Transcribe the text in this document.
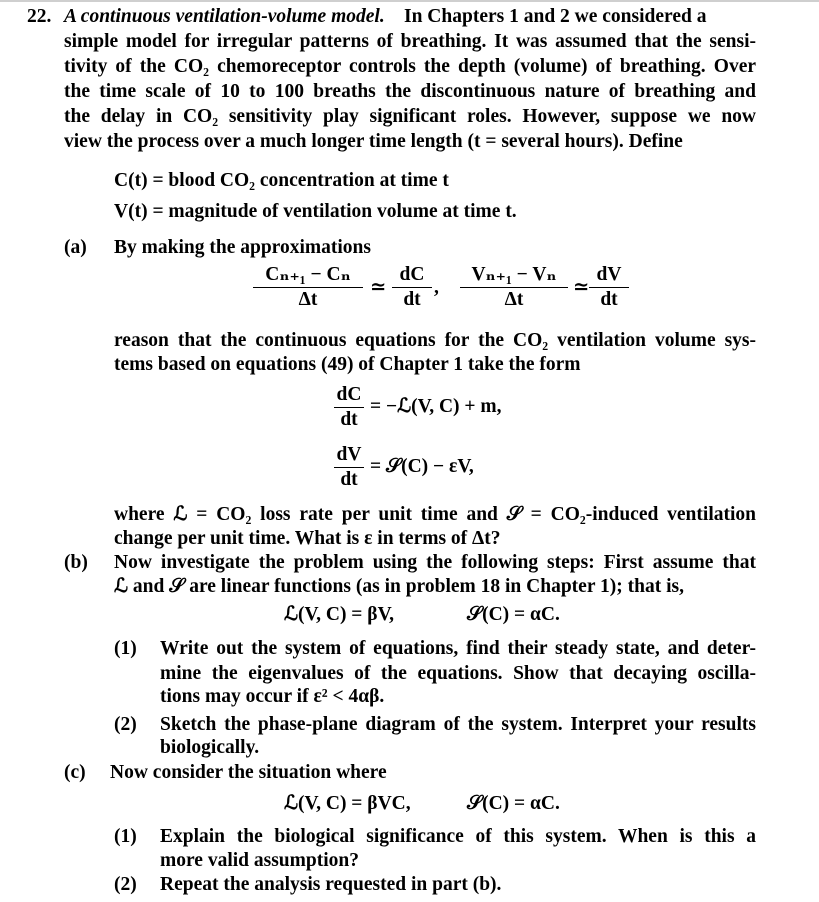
22. A continuous ventilation-volume model. In Chapters 1 and 2 we considered a
simple model for irregular patterns of breathing. It was assumed that the sensi-
tivity of the CO₂ chemoreceptor controls the depth (volume) of breathing. Over
the time scale of 10 to 100 breaths the discontinuous nature of breathing and
the delay in CO₂ sensitivity play significant roles. However, suppose we now
view the process over a much longer time length (t = several hours). Define
C(t) = blood CO₂ concentration at time t
V(t) = magnitude of ventilation volume at time t.
(a) By making the approximations
Cₙ₊₁ − Cₙ
Δt
≃
dC
dt
,
Vₙ₊₁ − Vₙ
Δt
≃
dV
dt
reason that the continuous equations for the CO₂ ventilation volume sys-
tems based on equations (49) of Chapter 1 take the form
dC
dt
= −ℒ(V, C) + m,
dV
dt
= 𝒮(C) − εV,
where ℒ = CO₂ loss rate per unit time and 𝒮 = CO₂-induced ventilation
change per unit time. What is ε in terms of Δt?
(b) Now investigate the problem using the following steps: First assume that
ℒ and 𝒮 are linear functions (as in problem 18 in Chapter 1); that is,
ℒ(V, C) = βV,	𝒮(C) = αC.
(1) Write out the system of equations, find their steady state, and deter-
mine the eigenvalues of the equations. Show that decaying oscilla-
tions may occur if ε² < 4αβ.
(2) Sketch the phase-plane diagram of the system. Interpret your results
biologically.
(c) Now consider the situation where
ℒ(V, C) = βVC,	𝒮(C) = αC.
(1) Explain the biological significance of this system. When is this a
more valid assumption?
(2) Repeat the analysis requested in part (b).
